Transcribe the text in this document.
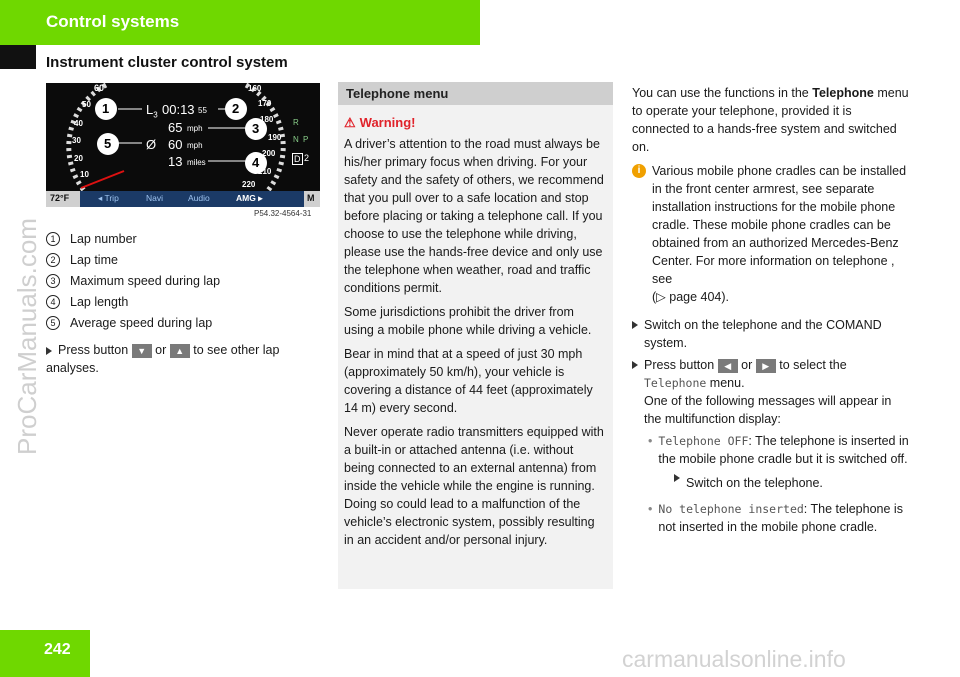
Control systems
Instrument cluster control system
ProCarManuals.com
1	2
3
4
5
$L_3$ 00:13 55
65 mph
Ø 60 mph
13 miles
60
50
40
30
20
10
160
170
180
190
200
210
220
R
N P
D 2
72°F	◂ Trip	Navi	Audio	AMG ▸	M
P54.32-4564-31
1	Lap number
2	Lap time
3	Maximum speed during lap
4	Lap length
5	Average speed during lap
Press button ▼ or ▲ to see other lap analyses.
Telephone menu
⚠ Warning!

A driver’s attention to the road must always be his/her primary focus when driving. For your safety and the safety of others, we recommend that you pull over to a safe location and stop before placing or taking a telephone call. If you choose to use the telephone while driving, please use the hands-free device and only use the telephone when weather, road and traffic conditions permit.

Some jurisdictions prohibit the driver from using a mobile phone while driving a vehicle.

Bear in mind that at a speed of just 30 mph (approximately 50 km/h), your vehicle is covering a distance of 44 feet (approximately 14 m) every second.

Never operate radio transmitters equipped with a built-in or attached antenna (i.e. without being connected to an external antenna) from inside the vehicle while the engine is running. Doing so could lead to a malfunction of the vehicle’s electronic system, possibly resulting in an accident and/or personal injury.

You can use the functions in the Telephone menu to operate your telephone, provided it is connected to a hands-free system and switched on.

i Various mobile phone cradles can be installed in the front center armrest, see separate installation instructions for the mobile phone cradle. These mobile phone cradles can be obtained from an authorized Mercedes-Benz Center. For more information on telephone , see
(▷ page 404).
Switch on the telephone and the COMAND system.
Press button ◀ or ▶ to select the
Telephone menu.
One of the following messages will appear in the multifunction display:
• Telephone OFF: The telephone is inserted in the mobile phone cradle but it is switched off.
Switch on the telephone.
• No telephone inserted: The telephone is not inserted in the mobile phone cradle.
242	carmanualsonline.info
